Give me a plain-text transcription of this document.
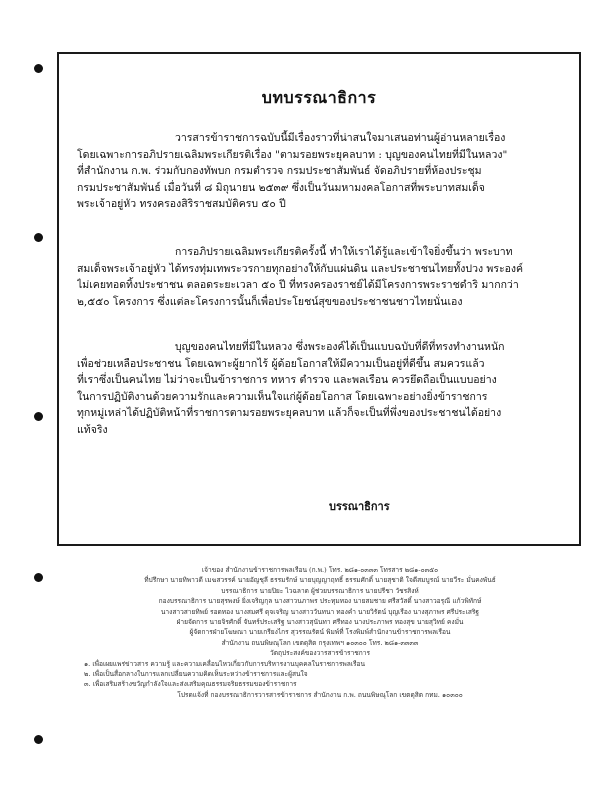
บทบรรณาธิการ
วารสารข้าราชการฉบับนี้มีเรื่องราวที่น่าสนใจมาเสนอท่านผู้อ่านหลายเรื่อง
โดยเฉพาะการอภิปรายเฉลิมพระเกียรติเรื่อง "ตามรอยพระยุคลบาท : บุญของคนไทยที่มีในหลวง"
ที่สำนักงาน ก.พ. ร่วมกับกองทัพบก กรมตำรวจ กรมประชาสัมพันธ์ จัดอภิปรายที่ห้องประชุม
กรมประชาสัมพันธ์ เมื่อวันที่ ๘ มิถุนายน ๒๕๓๙ ซึ่งเป็นวันมหามงคลโอกาสที่พระบาทสมเด็จ
พระเจ้าอยู่หัว ทรงครองสิริราชสมบัติครบ ๕๐ ปี
การอภิปรายเฉลิมพระเกียรติครั้งนี้ ทำให้เราได้รู้และเข้าใจยิ่งขึ้นว่า พระบาท
สมเด็จพระเจ้าอยู่หัว ได้ทรงทุ่มเทพระวรกายทุกอย่างให้กับแผ่นดิน และประชาชนไทยทั้งปวง พระองค์
ไม่เคยทอดทิ้งประชาชน ตลอดระยะเวลา ๕๐ ปี ที่ทรงครองราชย์ได้มีโครงการพระราชดำริ มากกว่า
๒,๕๕๐ โครงการ ซึ่งแต่ละโครงการนั้นก็เพื่อประโยชน์สุขของประชาชนชาวไทยนั่นเอง
บุญของคนไทยที่มีในหลวง ซึ่งพระองค์ได้เป็นแบบฉบับที่ดีที่ทรงทำงานหนัก
เพื่อช่วยเหลือประชาชน โดยเฉพาะผู้ยากไร้ ผู้ด้อยโอกาสให้มีความเป็นอยู่ที่ดีขึ้น สมควรแล้ว
ที่เราซึ่งเป็นคนไทย ไม่ว่าจะเป็นข้าราชการ ทหาร ตำรวจ และพลเรือน ควรยึดถือเป็นแบบอย่าง
ในการปฏิบัติงานด้วยความรักและความเห็นใจแก่ผู้ด้อยโอกาส โดยเฉพาะอย่างยิ่งข้าราชการ
ทุกหมู่เหล่าได้ปฏิบัติหน้าที่ราชการตามรอยพระยุคลบาท แล้วก็จะเป็นที่พึ่งของประชาชนได้อย่าง
แท้จริง
บรรณาธิการ
เจ้าของ สำนักงานข้าราชการพลเรือน (ก.พ.) โทร. ๒๘๑-๐๓๓๓ โทรสาร ๒๘๑-๐๓๕๐
ที่ปรึกษา นายทิพาวดี เมฆสวรรค์ นายอัญชุลี ธรรมรักษ์ นายบุญญาฤทธิ์ ธรรมศักดิ์ นายสุชาติ ใจดีสมบูรณ์ นายวีระ มั่นคงพันธ์
บรรณาธิการ นายปิยะ ไวฉลาด ผู้ช่วยบรรณาธิการ นายปรีชา วัชรสิงห์
กองบรรณาธิการ นายสุรพงษ์ ยิ่งเจริญกุล นางสาวนภาพร ประทุมทอง นายสมชาย ศรีสวัสดิ์ นางสาวอรุณี แก้วพิทักษ์
นางสาวสายทิพย์ รอดทอง นางสมศรี ดุจเจริญ นางสาววันทนา ทองคำ นายวิรัตน์ บุญเรือง นางสุภาพร ศรีประเสริฐ
ฝ่ายจัดการ นายจิรศักดิ์ จันทร์ประเสริฐ นางสาวสุนันทา ศรีทอง นางประภาพร ทองสุข นายสุวิทย์ คงมั่น
ผู้จัดการฝ่ายโฆษณา นายเกรียงไกร สุวรรณรัตน์ พิมพ์ที่ โรงพิมพ์สำนักงานข้าราชการพลเรือน
สำนักงาน ถนนพิษณุโลก เขตดุสิต กรุงเทพฯ ๑๐๓๐๐ โทร. ๒๘๑-๓๓๓๓
วัตถุประสงค์ของวารสารข้าราชการ
๑. เพื่อเผยแพร่ข่าวสาร ความรู้ และความเคลื่อนไหวเกี่ยวกับการบริหารงานบุคคลในราชการพลเรือน
๒. เพื่อเป็นสื่อกลางในการแลกเปลี่ยนความคิดเห็นระหว่างข้าราชการและผู้สนใจ
๓. เพื่อเสริมสร้างขวัญกำลังใจและส่งเสริมคุณธรรมจริยธรรมของข้าราชการ
โปรดแจ้งที่ กองบรรณาธิการวารสารข้าราชการ สำนักงาน ก.พ. ถนนพิษณุโลก เขตดุสิต กทม. ๑๐๓๐๐
